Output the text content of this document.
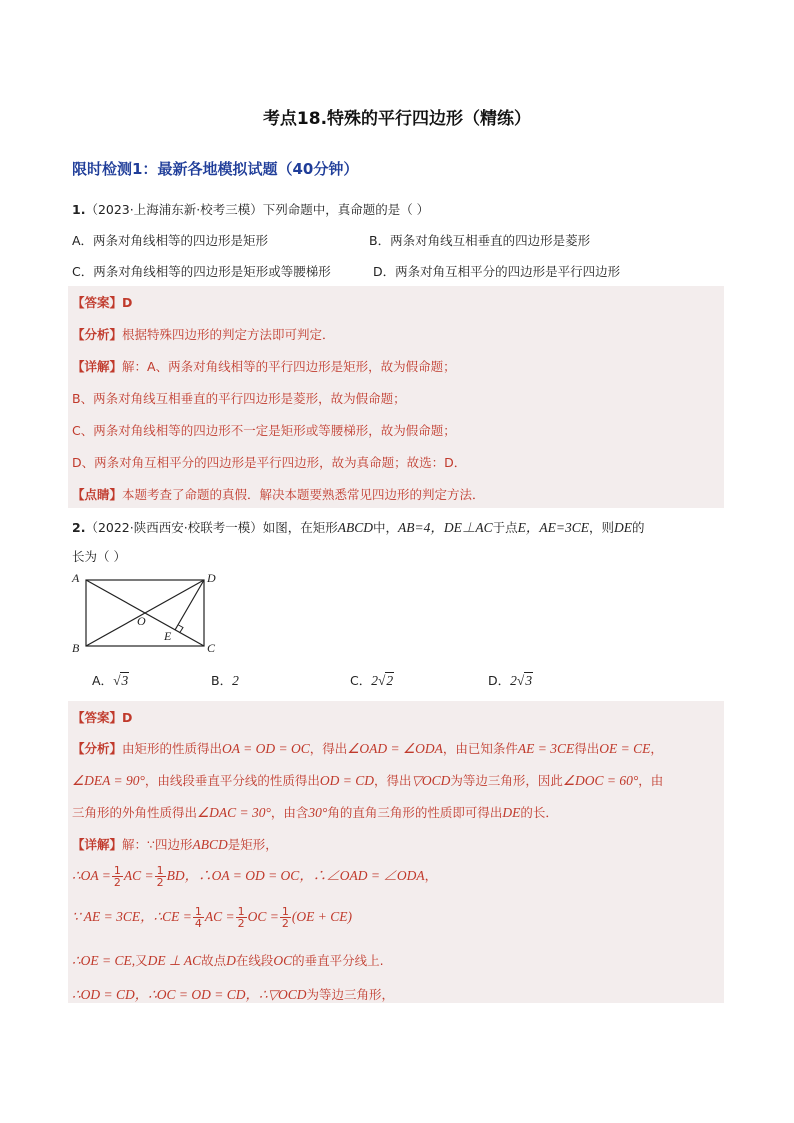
考点18.特殊的平行四边形（精练）
限时检测1：最新各地模拟试题（40分钟）
1.（2023·上海浦东新·校考三模）下列命题中，真命题的是（ ）
A．两条对角线相等的四边形是矩形	B．两条对角线互相垂直的四边形是菱形
C．两条对角线相等的四边形是矩形或等腰梯形	D．两条对角互相平分的四边形是平行四边形
【答案】D
【分析】根据特殊四边形的判定方法即可判定．
【详解】解：A、两条对角线相等的平行四边形是矩形，故为假命题；
B、两条对角线互相垂直的平行四边形是菱形，故为假命题；
C、两条对角线相等的四边形不一定是矩形或等腰梯形，故为假命题；
D、两条对角互相平分的四边形是平行四边形，故为真命题；故选：D．
【点睛】本题考查了命题的真假．解决本题要熟悉常见四边形的判定方法．
2.（2022·陕西西安·校联考一模）如图，在矩形ABCD中，AB=4，DE⊥AC于点E，AE=3CE，则DE的
长为（ ）
A	D
B	C
O
E
A．√3	B．2	C．2√2	D．2√3
【答案】D
【分析】由矩形的性质得出OA = OD = OC，得出∠OAD = ∠ODA，由已知条件AE = 3CE得出OE = CE，
∠DEA = 90°，由线段垂直平分线的性质得出OD = CD，得出▽OCD为等边三角形，因此∠DOC = 60°，由
三角形的外角性质得出∠DAC = 30°，由含30°角的直角三角形的性质即可得出DE的长．
【详解】解：∵四边形ABCD是矩形，
∴OA = $\frac{1}{2}$ AC = $\frac{1}{2}$ BD，∴OA = OD = OC，∴∠OAD = ∠ODA，
∵ AE = 3CE，∴CE = $\frac{1}{4}$ AC = $\frac{1}{2}$ OC = $\frac{1}{2} (OE + CE)$
∴OE = CE,又DE ⊥ AC故点D在线段OC的垂直平分线上.
∴OD = CD，∴OC = OD = CD，∴▽OCD为等边三角形，
